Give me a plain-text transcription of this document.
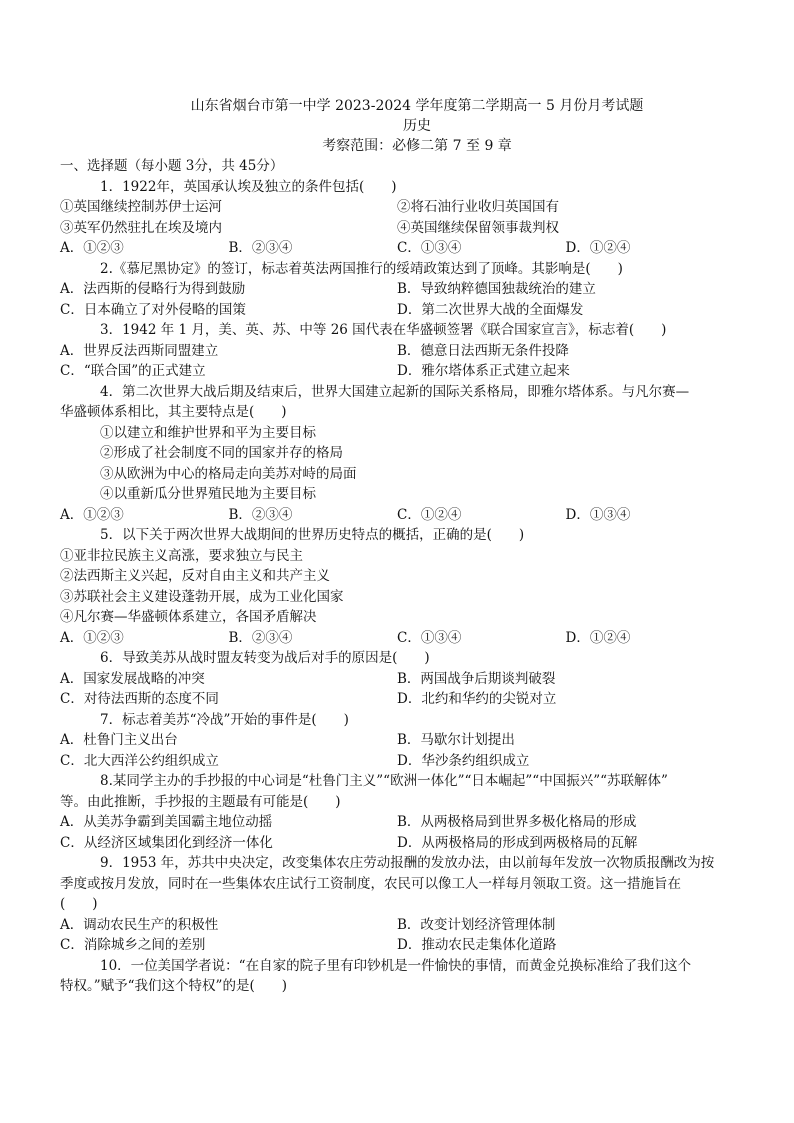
山东省烟台市第一中学 2023-2024 学年度第二学期高一 5 月份月考试题
历史
考察范围：必修二第 7 至 9 章
一、选择题（每小题 3分，共 45分）
1．1922年，英国承认埃及独立的条件包括(　　)
①英国继续控制苏伊士运河	②将石油行业收归英国国有
③英军仍然驻扎在埃及境内	④英国继续保留领事裁判权
A．①②③	B．②③④	C．①③④	D．①②④
2.《慕尼黑协定》的签订，标志着英法两国推行的绥靖政策达到了顶峰。其影响是(　　)
A．法西斯的侵略行为得到鼓励	B．导致纳粹德国独裁统治的建立
C．日本确立了对外侵略的国策	D．第二次世界大战的全面爆发
3．1942 年 1 月，美、英、苏、中等 26 国代表在华盛顿签署《联合国家宣言》，标志着(　　)
A．世界反法西斯同盟建立	B．德意日法西斯无条件投降
C．“联合国”的正式建立	D．雅尔塔体系正式建立起来
4．第二次世界大战后期及结束后，世界大国建立起新的国际关系格局，即雅尔塔体系。与凡尔赛—
华盛顿体系相比，其主要特点是(　　)
①以建立和维护世界和平为主要目标
②形成了社会制度不同的国家并存的格局
③从欧洲为中心的格局走向美苏对峙的局面
④以重新瓜分世界殖民地为主要目标
A．①②③	B．②③④	C．①②④	D．①③④
5．以下关于两次世界大战期间的世界历史特点的概括，正确的是(　　)
①亚非拉民族主义高涨，要求独立与民主
②法西斯主义兴起，反对自由主义和共产主义
③苏联社会主义建设蓬勃开展，成为工业化国家
④凡尔赛—华盛顿体系建立，各国矛盾解决
A．①②③	B．②③④	C．①③④	D．①②④
6．导致美苏从战时盟友转变为战后对手的原因是(　　)
A．国家发展战略的冲突	B．两国战争后期谈判破裂
C．对待法西斯的态度不同	D．北约和华约的尖锐对立
7．标志着美苏“冷战”开始的事件是(　　)
A．杜鲁门主义出台	B．马歇尔计划提出
C．北大西洋公约组织成立	D．华沙条约组织成立
8.某同学主办的手抄报的中心词是“杜鲁门主义”“欧洲一体化”“日本崛起”“中国振兴”“苏联解体”
等。由此推断，手抄报的主题最有可能是(　　)
A．从美苏争霸到美国霸主地位动摇	B．从两极格局到世界多极化格局的形成
C．从经济区域集团化到经济一体化	D．从两极格局的形成到两极格局的瓦解
9．1953 年，苏共中央决定，改变集体农庄劳动报酬的发放办法，由以前每年发放一次物质报酬改为按
季度或按月发放，同时在一些集体农庄试行工资制度，农民可以像工人一样每月领取工资。这一措施旨在
(　　)
A．调动农民生产的积极性	B．改变计划经济管理体制
C．消除城乡之间的差别	D．推动农民走集体化道路
10．一位美国学者说：“在自家的院子里有印钞机是一件愉快的事情，而黄金兑换标准给了我们这个
特权。”赋予“我们这个特权”的是(　　)
